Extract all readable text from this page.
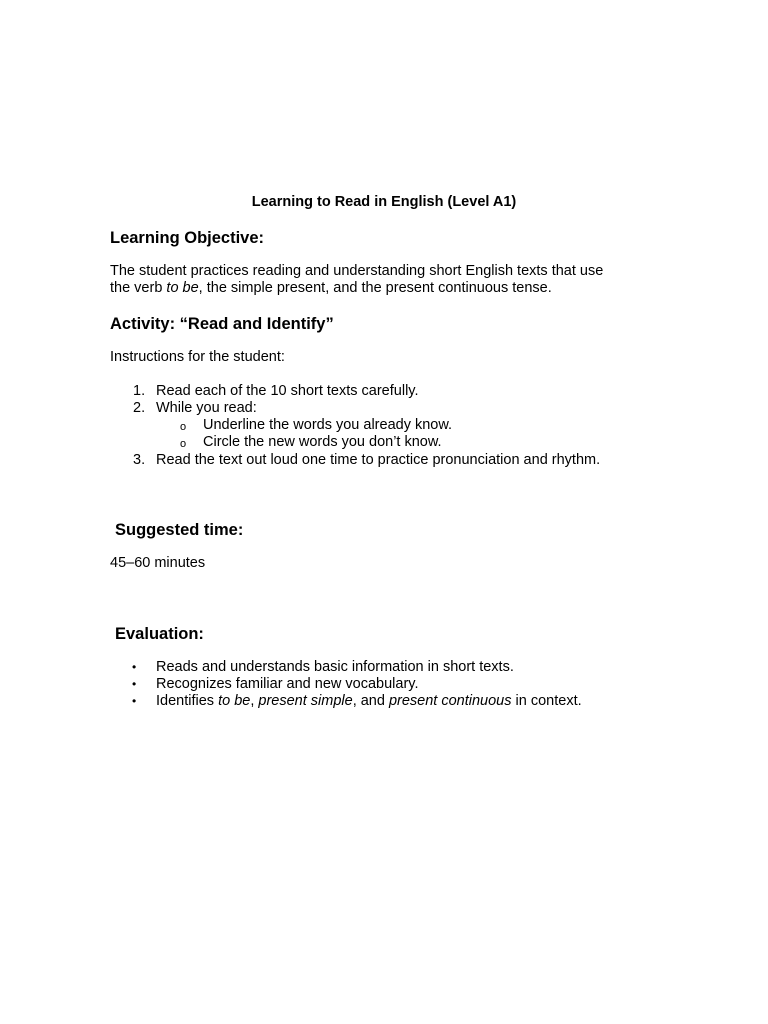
Learning to Read in English (Level A1)
Learning Objective:
The student practices reading and understanding short English texts that use
the verb to be, the simple present, and the present continuous tense.
Activity: “Read and Identify”
Instructions for the student:
1. Read each of the 10 short texts carefully.
2. While you read:
o Underline the words you already know.
o Circle the new words you don’t know.
3. Read the text out loud one time to practice pronunciation and rhythm.
Suggested time:
45–60 minutes
Evaluation:
• Reads and understands basic information in short texts.
• Recognizes familiar and new vocabulary.
• Identifies to be, present simple, and present continuous in context.
